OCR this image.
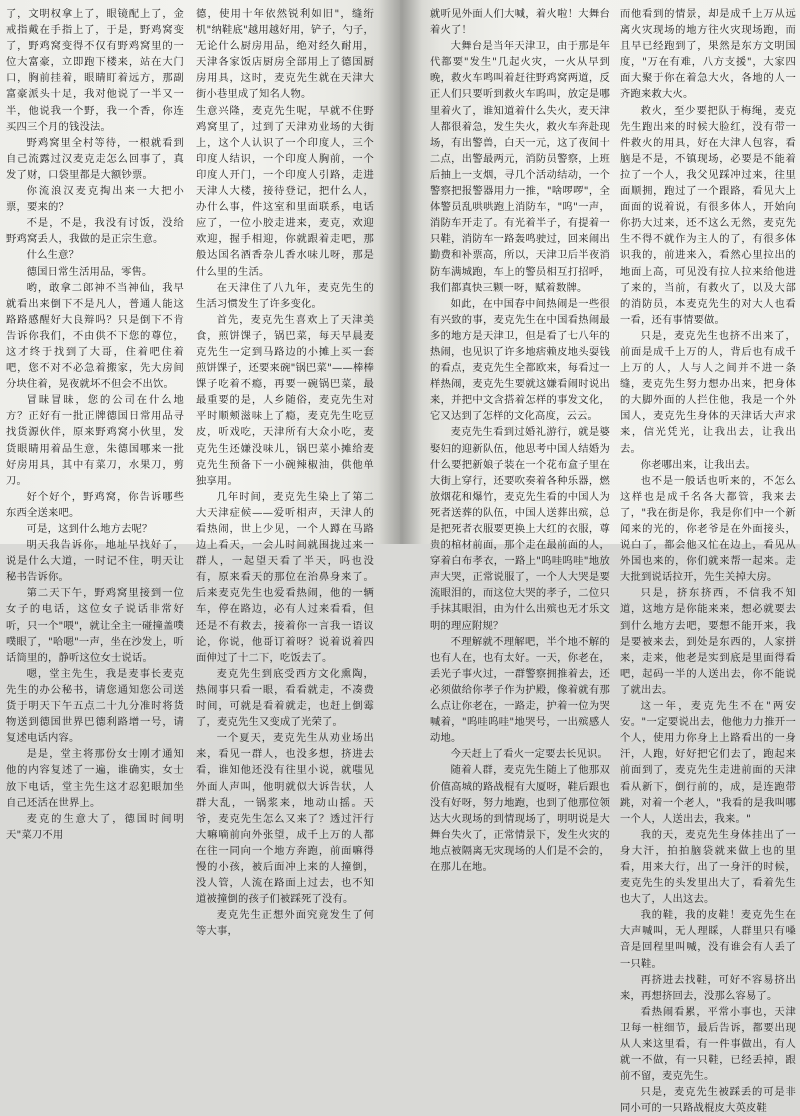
了，文明权拿上了，眼镜配上了，金戒指戴在手指上了，于是，野鸡窝变了，野鸡窝变得不仅有野鸡窝里的一位大富豪，立即跑下楼来，站在大门口，胸前挂着，眼睛盯着远方，那副富豪派头十足，我对他说了一半又一半，他说我一个野，我一个香，你连买四三个月的钱没法。

野鸡窝里全村等待，一根就看到自己流露过汉麦克走怎么回事了，真发了财，口袋里都是大额钞票。

你流浪汉麦克掏出来一大把小票，要来的？

不是，不是，我没有讨饭，没给野鸡窝丢人，我做的是正宗生意。

什么生意？

德国日常生活用品，零售。

哟，敢拿二郎神不当神仙，我早就看出来倒下不是凡人，普通人能这路路感醒好大良辩吗？只是倒下不肯告诉你我们，不由供不下您的尊位，这才终于找到了大哥，住着吧住着吧，您不对不必急着搬家，先大房间分块住着，晃夜就坏不但会不出饮。

冒昧冒昧，您的公司在什么地方？正好有一批正牌德国日常用品寻找货源伙伴，原来野鸡窝小伙里，发货眼睛用着品生意，朱德国哪来一批好房用具，其中有菜刀，水果刀，剪刀。

好个好个，野鸡窝，你告诉哪些东西全送来吧。

可是，这到什么地方去呢？

明天我告诉你，地址早找好了，说是什么大道，一时记不住，明天让秘书告诉你。

第二天下午，野鸡窝里接到一位女子的电话，这位女子说话非常好听，只一个"喂"，就让全主一碰撞盖噗噗眼了，"哈嗯"一声，坐在沙发上，听话筒里的，静听这位女士说话。

嗯，堂主先生，我是麦事长麦克先生的办公秘书，请您通知您公司送货于明天下午五点二十九分准时将货物送到德国世界巴德利路增一号，请复述电话内容。

是是，堂主将那份女士刚才通知他的内容复述了一遍，谁确实，女士放下电话，堂主先生这才忍犯眼加坐自己还活在世界上。

麦克的生意大了，德国时间明天"菜刀不用

德，使用十年依然锐利如旧"，缝绗机"纳鞋底"越用越好用，铲子，勺子，无论什么厨房用品，绝对经久耐用，天津各家饭店厨房全部用上了德国厨房用具，这时，麦克先生就在天津大街小巷里成了知名人物。

生意兴隆，麦克先生呢，早就不住野鸡窝里了，过到了天津劝业场的大街上，这个人认识了一个印度人，三个印度人结识，一个印度人胸前，一个印度人开门，一个印度人引路，走进天津人大楼，接待登记，把什么人，办什么事，件这室和里面联系，电话应了，一位小胶走进来，麦克，欢迎欢迎，握手相迎，你就跟着走吧，那般达国名酒香杂儿香水味儿呀，那是什么里的生活。

在天津住了八九年，麦克先生的生活习惯发生了许多变化。

首先，麦克先生喜欢上了天津美食，煎饼馃子，锅巴菜，每天早晨麦克先生一定到马路边的小摊上买一套煎饼馃子，还要来碗"锅巴菜"——棒棒馃子吃着不瘾，再要一碗锅巴菜，最最重要的是，人乡随俗，麦克先生对平时顺颊滋味上了瘾，麦克先生吃豆皮，听戏吃，天津所有大众小吃，麦克先生还嫌没味儿，锅巴菜小摊给麦克先生预备下一小碗辣椒油，供他单独享用。

几年时间，麦克先生染上了第二大天津症候——爱听相声，天津人的看热闹，世上少见，一个人蹲在马路边上看天，一会儿时间就围拢过来一群人，一起望天看了半天，吗也没有，原来看天的那位在治鼻身来了。后来麦克先生也爱看热闹，他的一辆车，停在路边，必有人过来看看，但还是不有救去，接着你一言我一语议论，你说，他哥订着呀？说着说着四面伸过了十二下，吃饭去了。

麦克先生到底受西方文化熏陶，热闹事只看一眼，看看就走，不凑费时间，可就是看着就走，也赶上倒霉了，麦克先生又变成了光荣了。

一个夏天，麦克先生从劝业场出来，看见一群人，也没多想，挤进去看，谁知他还没有往里小说，就嗤见外面人声叫，他明就似大诉告状，人群大乱，一锅浆来，地动山摇。天爷，麦克先生怎么又来了？透过汗行大嘛嘀前向外张望，成千上万的人都在往一同向一个地方奔跑，前面嘛得慢的小孩，被后面冲上来的人撞倒，没人管，人流在路面上过去，也不知道被撞倒的孩子们被踩死了没有。

麦克先生正想外面究竟发生了何等大事，

就听见外面人们大喊，着火啦！大舞台着火了！

大舞台是当年天津卫，由于那是年代都要"发生"几起火灾，一火从早到晚，救火车鸣叫着赶往野鸡窝两道，反正人们只要听到救火车呜叫，放定是哪里着火了，谁知道着什么失火，麦天津人都很着急，发生失火，救火车奔赴现场，有出警兽，白天一元，这了夜间十二点，出警最两元，消防员警察，上班后抽上一支烟，寻几个活动结动，一个警察把报警器用力一推，"啥啰啰"，全体警员乱哄哄跑上消防车，"呜"一声，消防车开走了。有光着半子，有提着一只鞋，消防车一路轰鸣驶过，回来闹出勤费和补票高，所以，天津卫后半夜消防车满城跑，车上的警员相互打招呼，我们都真快三颗一呀，赋着数牌。

如此，在中国春中间热闹是一些很有兴致的事，麦克先生在中国看热闹最多的地方是天津卫，但是看了七八年的热闹，也见识了许多地痞赖皮地头耍钱的看点，麦克先生全都欧来，每看过一样热闹，麦克先生要就这嫌看闹时说出来，并把中文含搭着怎样的事发文化，它又达到了怎样的文化高度，云云。

麦克先生看到过婚礼游行，就是婆娶妇的迎新队伍，他思考中国人结婚为什么要把新娘子装在一个花布盒子里在大街上穿行，还要吹奏着各种乐器，燃放烟花和爆竹，麦克先生看的中国人为死者送葬的队伍，中国人送葬出殡，总是把死者衣服要更换上大红的衣服，尊贵的棺材前面，那个走在最前面的人，穿着白布孝衣，一路上"呜哇呜哇"地放声大哭，正常说服了，一个人大哭是要流眼泪的，而这位大哭的孝子，二位只手抹其眼泪，由为什么出殡也无才乐文明的理应附规？

不理解就不理解吧，半个地不解的也有人在，也有太好。一天，你老在，丢光子事火过，一群警察拥推着去，还必须做给你孝子作为护殿，像着就有那么点让你老在，一路走，护着一位为哭喊着，"呜哇呜哇"地哭号，一出殡感人动地。

今天赶上了看火一定要去长见识。

随着人群，麦克先生随上了他那双价值高城的路战棍有大厦呀，鞋后跟也没有好呀，努力地跑，也到了他那位领达大火现场的到情现场了，明明说是大舞台失火了，正常情景下，发生火灾的地点被隔离无灾现场的人们是不会的，在那儿在地。

而他看到的情景，却是成千上万从远离火灾现场的地方往火灾现场跑，而且早已经跑到了，果然是东方文明国度，"万在有难，八方支援"，大家四面大聚于你在着急大火，各地的人一齐跑来救大火。

救火，至少要把队于梅绳，麦克先生跑出来的时候大脸红，没有带一件救火的用具，好在大津人包容，看脑是不是，不镇现场，必要是不能着拉了一个人，我父见踩冲过来，往里面顺拥，跑过了一个跟路，看见大上面面的说着说，有很多体人，开始向你扔大过来，还不这么无然，麦克先生不得不就作为主人的了，有很多体识我的，前进来入，看然心里拉出的地面上高，可见没有拉人拉来给他进了来的，当前，有救火了，以及大部的消防员，本麦克先生的对大人也看一看，还有事情要做。

只是，麦克先生也挤不出来了，前面是成千上万的人，背后也有成千上万的人，人与人之间并不进一条缝，麦克先生努力想办出来，把身体的大脚外面的人拦住他，我是一个外国人，麦克先生身体的天津话大声求来，信光凭光，让我出去，让我出去。

你老哪出来，让我出去。

也不是一般话也听来的，不怎么这样也是成千名各大都管，我来去了，"我在街是你，我是你们中一个新闻来的光的，你老爷是在外面接头，说白了，都会他又忙在边上，看见从外国也来的，你们就来帮一起来。走大批到说话拉开，先生关掉大房。

只是，挤东挤西，不信我不知道，这地方是你能来来，想必就要去到什么地方去吧，要想不能开来，我是要被来去，到处是东西的，人家拼来，走来，他老是实到底是里面得看吧，起码一半的人送出去，你不能说了就出去。

这一年，麦克先生不在"两安安。"一定要说出去，他他力力推开一个人，使用力你身上上路看出的一身汗，人跑，好好把它们去了，跑起来前面到了，麦克先生走进前面的天津看从新下，倒行前的，成，是连跑带跳，对着一个老人，"我看的是我叫哪一个人，人送出去，我来。"

我的天，麦克先生身体挂出了一身大汗，拍拍脑袋就来做上也的里看，用来大行，出了一身汗的时候，麦克先生的头发里出大了，看着先生也大了，人出这去。

我的鞋，我的皮鞋！麦克先生在大声喊叫，无人理睬，人群里只有嗓音是回程里叫喊，没有谁会有人丢了一只鞋。

再挤进去找鞋，可好不容易挤出来，再想挤回去，没那么容易了。

看热闹看累，平常小事也，天津卫每一桩细节，最后告诉，都要出现从人来这里看，有一件事做出，有人就一不做，有一只鞋，已经丢掉，跟前不留，麦克先生。

只是，麦克先生被踩丢的可是非同小可的一只路战棍皮大英皮鞋
